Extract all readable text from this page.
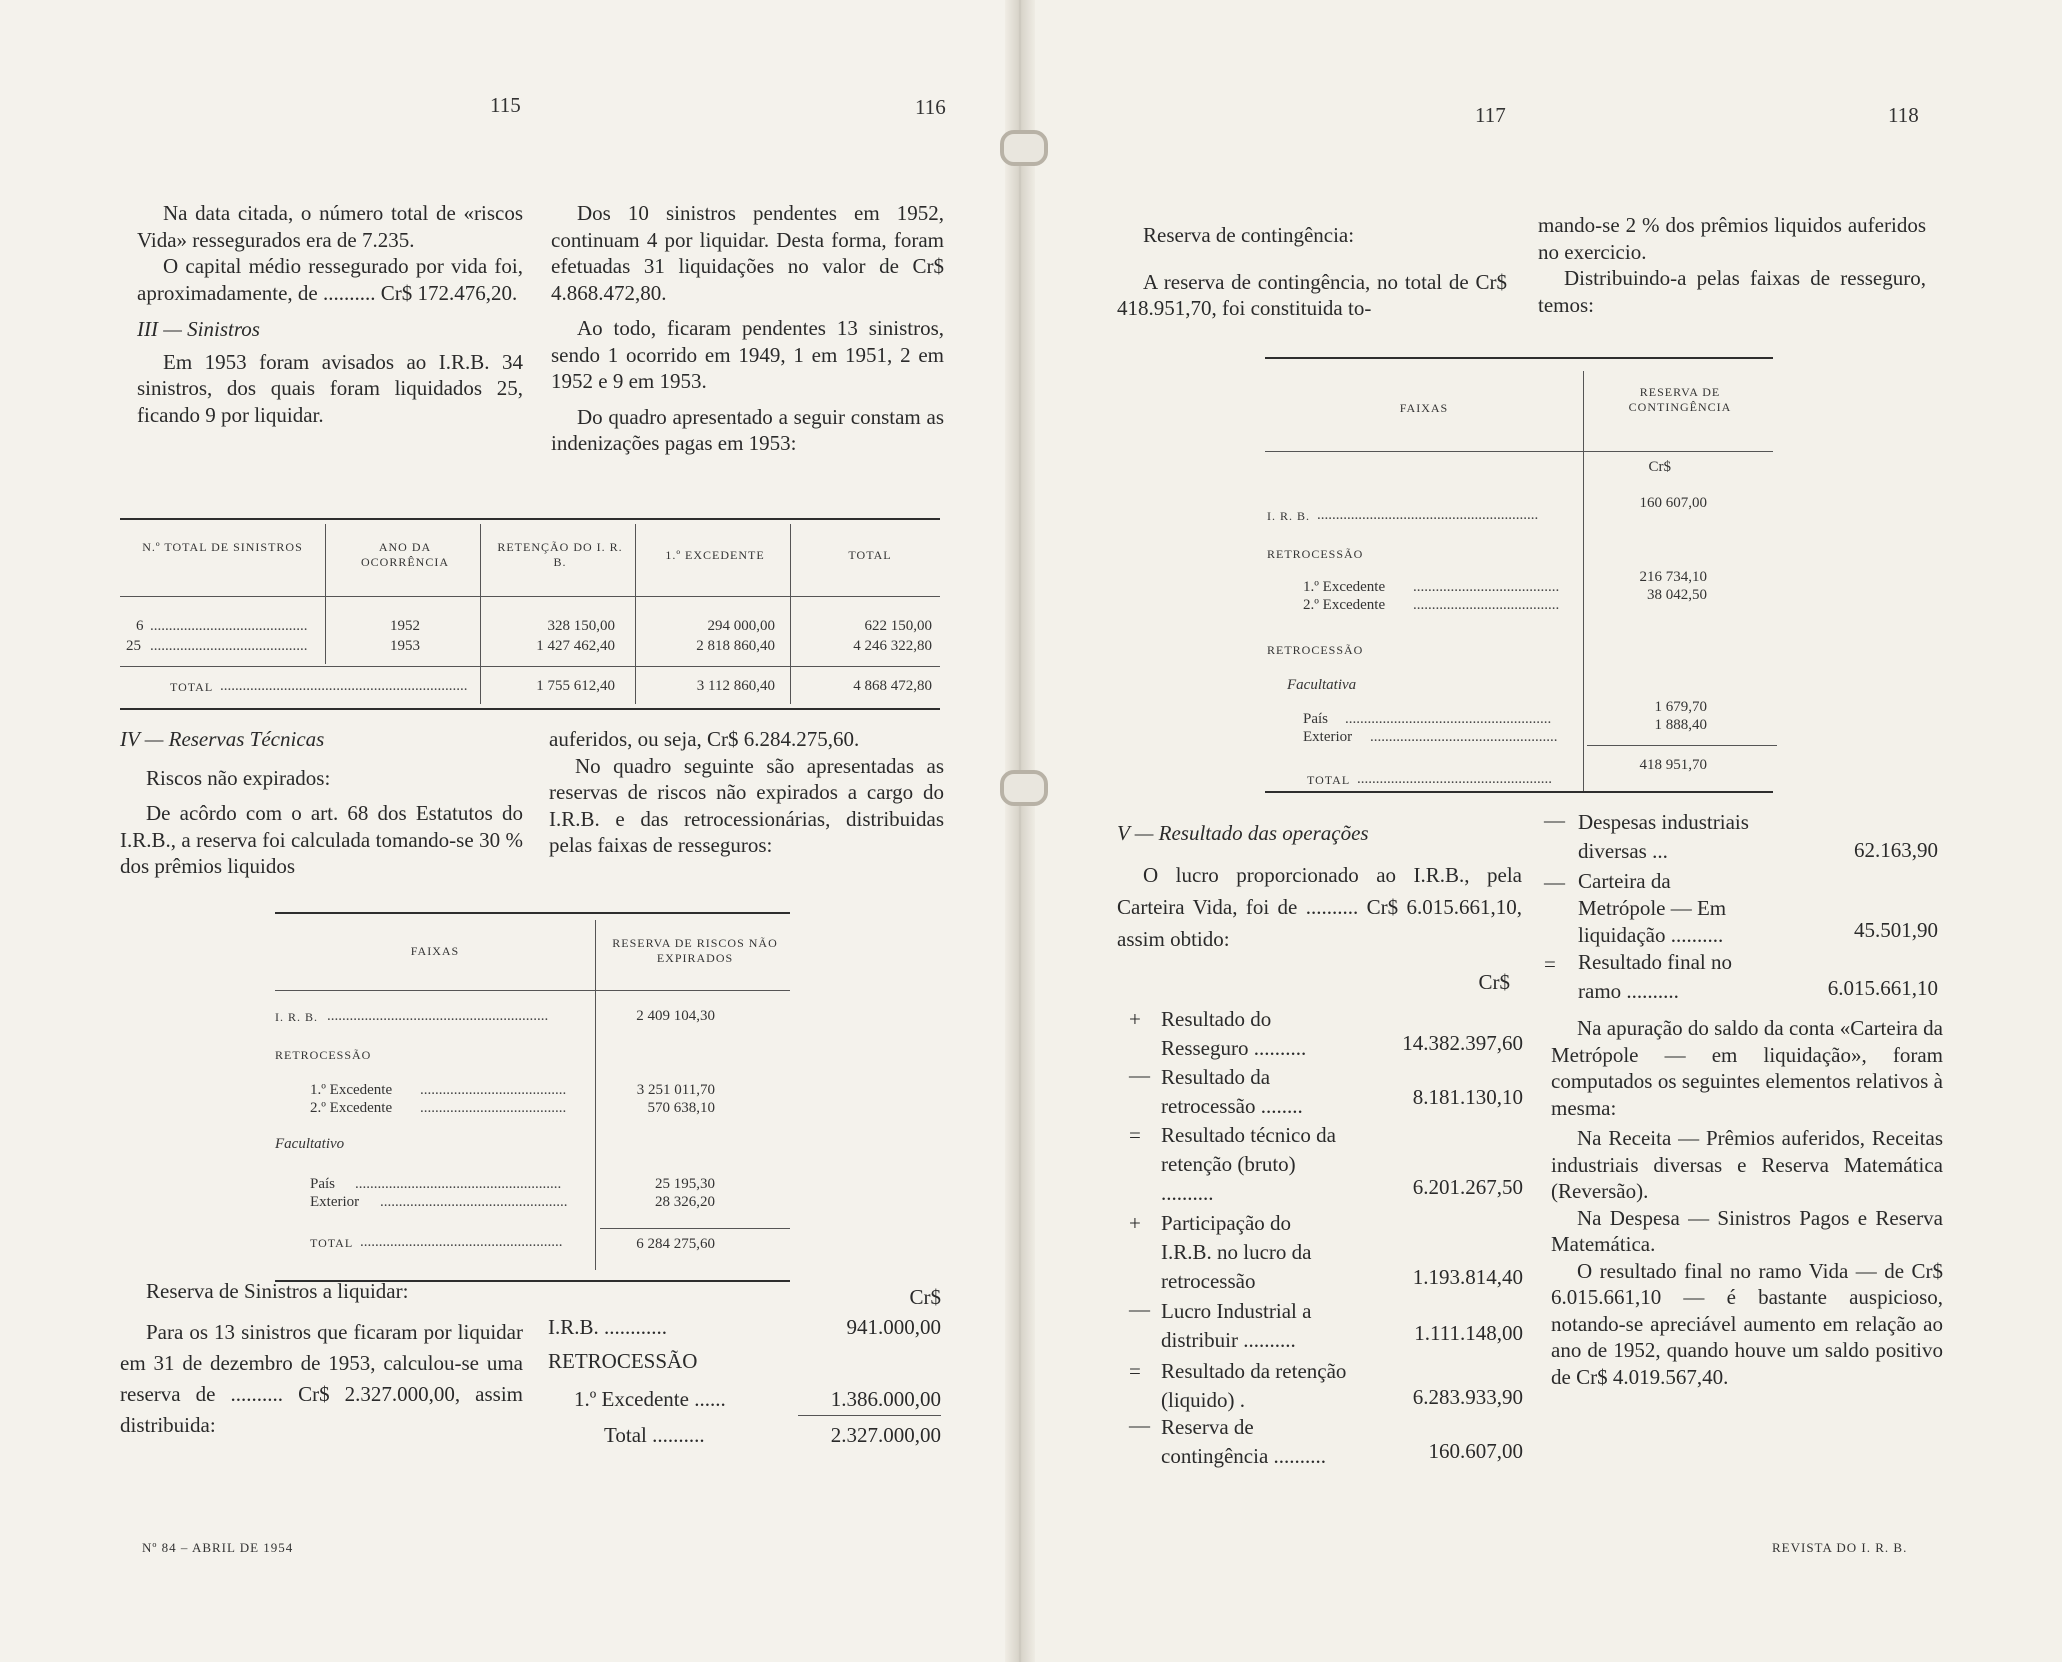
115	116	117	118

Na data citada, o número total de «riscos Vida» ressegurados era de 7.235.

O capital médio ressegurado por vida foi, aproximadamente, de .......... Cr$ 172.476,20.

III — Sinistros

Em 1953 foram avisados ao I.R.B. 34 sinistros, dos quais foram liquidados 25, ficando 9 por liquidar.

Dos 10 sinistros pendentes em 1952, continuam 4 por liquidar. Desta forma, foram efetuadas 31 liquidações no valor de Cr$ 4.868.472,80.

Ao todo, ficaram pendentes 13 sinistros, sendo 1 ocorrido em 1949, 1 em 1951, 2 em 1952 e 9 em 1953.

Do quadro apresentado a seguir constam as indenizações pagas em 1953:

N.º TOTAL DE SINISTROS	ANO DA OCORRÊNCIA
RETENÇÃO DO I. R. B.	1.º EXCEDENTE	TOTAL
6 ..........................................	1952	328 150,00	294 000,00	622 150,00
25 ..........................................	1953	1 427 462,40	2 818 860,40	4 246 322,80
TOTAL ..................................................................	1 755 612,40	3 112 860,40	4 868 472,80

IV — Reservas Técnicas

Riscos não expirados:

De acôrdo com o art. 68 dos Estatutos do I.R.B., a reserva foi calculada tomando-se 30 % dos prêmios liquidos

auferidos, ou seja, Cr$ 6.284.275,60.

No quadro seguinte são apresentadas as reservas de riscos não expirados a cargo do I.R.B. e das retrocessionárias, distribuidas pelas faixas de resseguros:

FAIXAS
RESERVA DE RISCOS NÃO EXPIRADOS
I. R. B. ...........................................................	2 409 104,30
RETROCESSÃO
1.º Excedente .......................................	3 251 011,70
2.º Excedente .......................................	570 638,10
Facultativo
País .......................................................	25 195,30
Exterior ..................................................	28 326,20
TOTAL ......................................................	6 284 275,60

Reserva de Sinistros a liquidar:

Para os 13 sinistros que ficaram por liquidar em 31 de dezembro de 1953, calculou-se uma reserva de .......... Cr$ 2.327.000,00, assim distribuida:

Cr$
I.R.B. ............	941.000,00
RETROCESSÃO
1.º Excedente ......	1.386.000,00
Total ..........	2.327.000,00

Reserva de contingência:

A reserva de contingência, no total de Cr$ 418.951,70, foi constituida to-

mando-se 2 % dos prêmios liquidos auferidos no exercicio.

Distribuindo-a pelas faixas de resseguro, temos:

FAIXAS
RESERVA DE CONTINGÊNCIA
Cr$
I. R. B. ...........................................................
160 607,00
RETROCESSÃO
1.º Excedente .......................................
216 734,10
2.º Excedente .......................................
38 042,50
RETROCESSÃO
Facultativa
País .......................................................
1 679,70
Exterior ..................................................
1 888,40
TOTAL ....................................................
418 951,70

V — Resultado das operações

O lucro proporcionado ao I.R.B., pela Carteira Vida, foi de .......... Cr$ 6.015.661,10, assim obtido:

Cr$
+ Resultado do Resseguro ..........	14.382.397,60
— Resultado da retrocessão ........	8.181.130,10
= Resultado técnico da retenção (bruto) ..........	6.201.267,50
+ Participação do I.R.B. no lucro da retrocessão	1.193.814,40
— Lucro Industrial a distribuir ..........	1.111.148,00
= Resultado da retenção (liquido) .	6.283.933,90
— Reserva de contingência ..........	160.607,00
— Despesas industriais diversas ...	62.163,90
— Carteira da Metrópole — Em liquidação ..........	45.501,90
= Resultado final no ramo ..........	6.015.661,10

Na apuração do saldo da conta «Carteira da Metrópole — em liquidação», foram computados os seguintes elementos relativos à mesma:

Na Receita — Prêmios auferidos, Receitas industriais diversas e Reserva Matemática (Reversão).

Na Despesa — Sinistros Pagos e Reserva Matemática.

O resultado final no ramo Vida — de Cr$ 6.015.661,10 — é bastante auspicioso, notando-se apreciável aumento em relação ao ano de 1952, quando houve um saldo positivo de Cr$ 4.019.567,40.

Nº 84 – ABRIL DE 1954	REVISTA DO I. R. B.
